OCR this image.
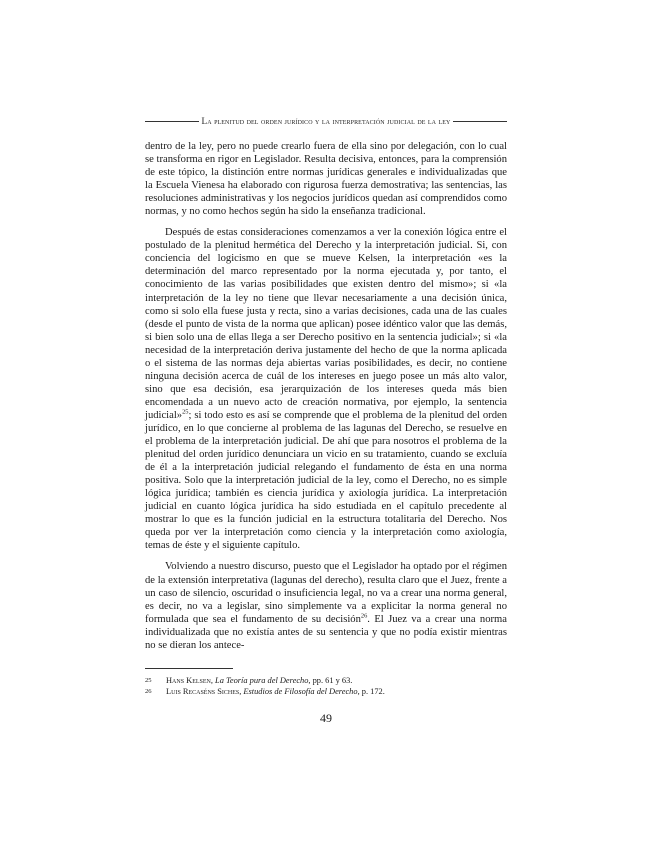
La plenitud del orden jurídico y la interpretación judicial de la ley

dentro de la ley, pero no puede crearlo fuera de ella sino por delegación, con lo cual se transforma en rigor en Legislador. Resulta decisiva, entonces, para la comprensión de este tópico, la distinción entre normas jurídicas generales e individualizadas que la Escuela Vienesa ha elaborado con rigurosa fuerza demostrativa; las sentencias, las resoluciones administrativas y los negocios jurídicos quedan así comprendidos como normas, y no como hechos según ha sido la enseñanza tradicional.

Después de estas consideraciones comenzamos a ver la conexión lógica entre el postulado de la plenitud hermética del Derecho y la interpretación judicial. Si, con conciencia del logicismo en que se mueve Kelsen, la interpretación «es la determinación del marco representado por la norma ejecutada y, por tanto, el conocimiento de las varias posibilidades que existen dentro del mismo»; si «la interpretación de la ley no tiene que llevar necesariamente a una decisión única, como si solo ella fuese justa y recta, sino a varias decisiones, cada una de las cuales (desde el punto de vista de la norma que aplican) posee idéntico valor que las demás, si bien solo una de ellas llega a ser Derecho positivo en la sentencia judicial»; si «la necesidad de la interpretación deriva justamente del hecho de que la norma aplicada o el sistema de las normas deja abiertas varias posibilidades, es decir, no contiene ninguna decisión acerca de cuál de los intereses en juego posee un más alto valor, sino que esa decisión, esa jerarquización de los intereses queda más bien encomendada a un nuevo acto de creación normativa, por ejemplo, la sentencia judicial»$^{25}$; si todo esto es así se comprende que el problema de la plenitud del orden jurídico, en lo que concierne al problema de las lagunas del Derecho, se resuelve en el problema de la interpretación judicial. De ahí que para nosotros el problema de la plenitud del orden jurídico denunciara un vicio en su tratamiento, cuando se excluía de él a la interpretación judicial relegando el fundamento de ésta en una norma positiva. Solo que la interpretación judicial de la ley, como el Derecho, no es simple lógica jurídica; también es ciencia jurídica y axiología jurídica. La interpretación judicial en cuanto lógica jurídica ha sido estudiada en el capítulo precedente al mostrar lo que es la función judicial en la estructura totalitaria del Derecho. Nos queda por ver la interpretación como ciencia y la interpretación como axiología, temas de éste y el siguiente capítulo.

Volviendo a nuestro discurso, puesto que el Legislador ha optado por el régimen de la extensión interpretativa (lagunas del derecho), resulta claro que el Juez, frente a un caso de silencio, oscuridad o insuficiencia legal, no va a crear una norma general, es decir, no va a legislar, sino simplemente va a explicitar la norma general no formulada que sea el fundamento de su decisión$^{26}$. El Juez va a crear una norma individualizada que no existía antes de su sentencia y que no podía existir mientras no se dieran los antece-

25	Hans Kelsen, La Teoría pura del Derecho, pp. 61 y 63.
26	Luis Recaséns Siches, Estudios de Filosofía del Derecho, p. 172.
49
